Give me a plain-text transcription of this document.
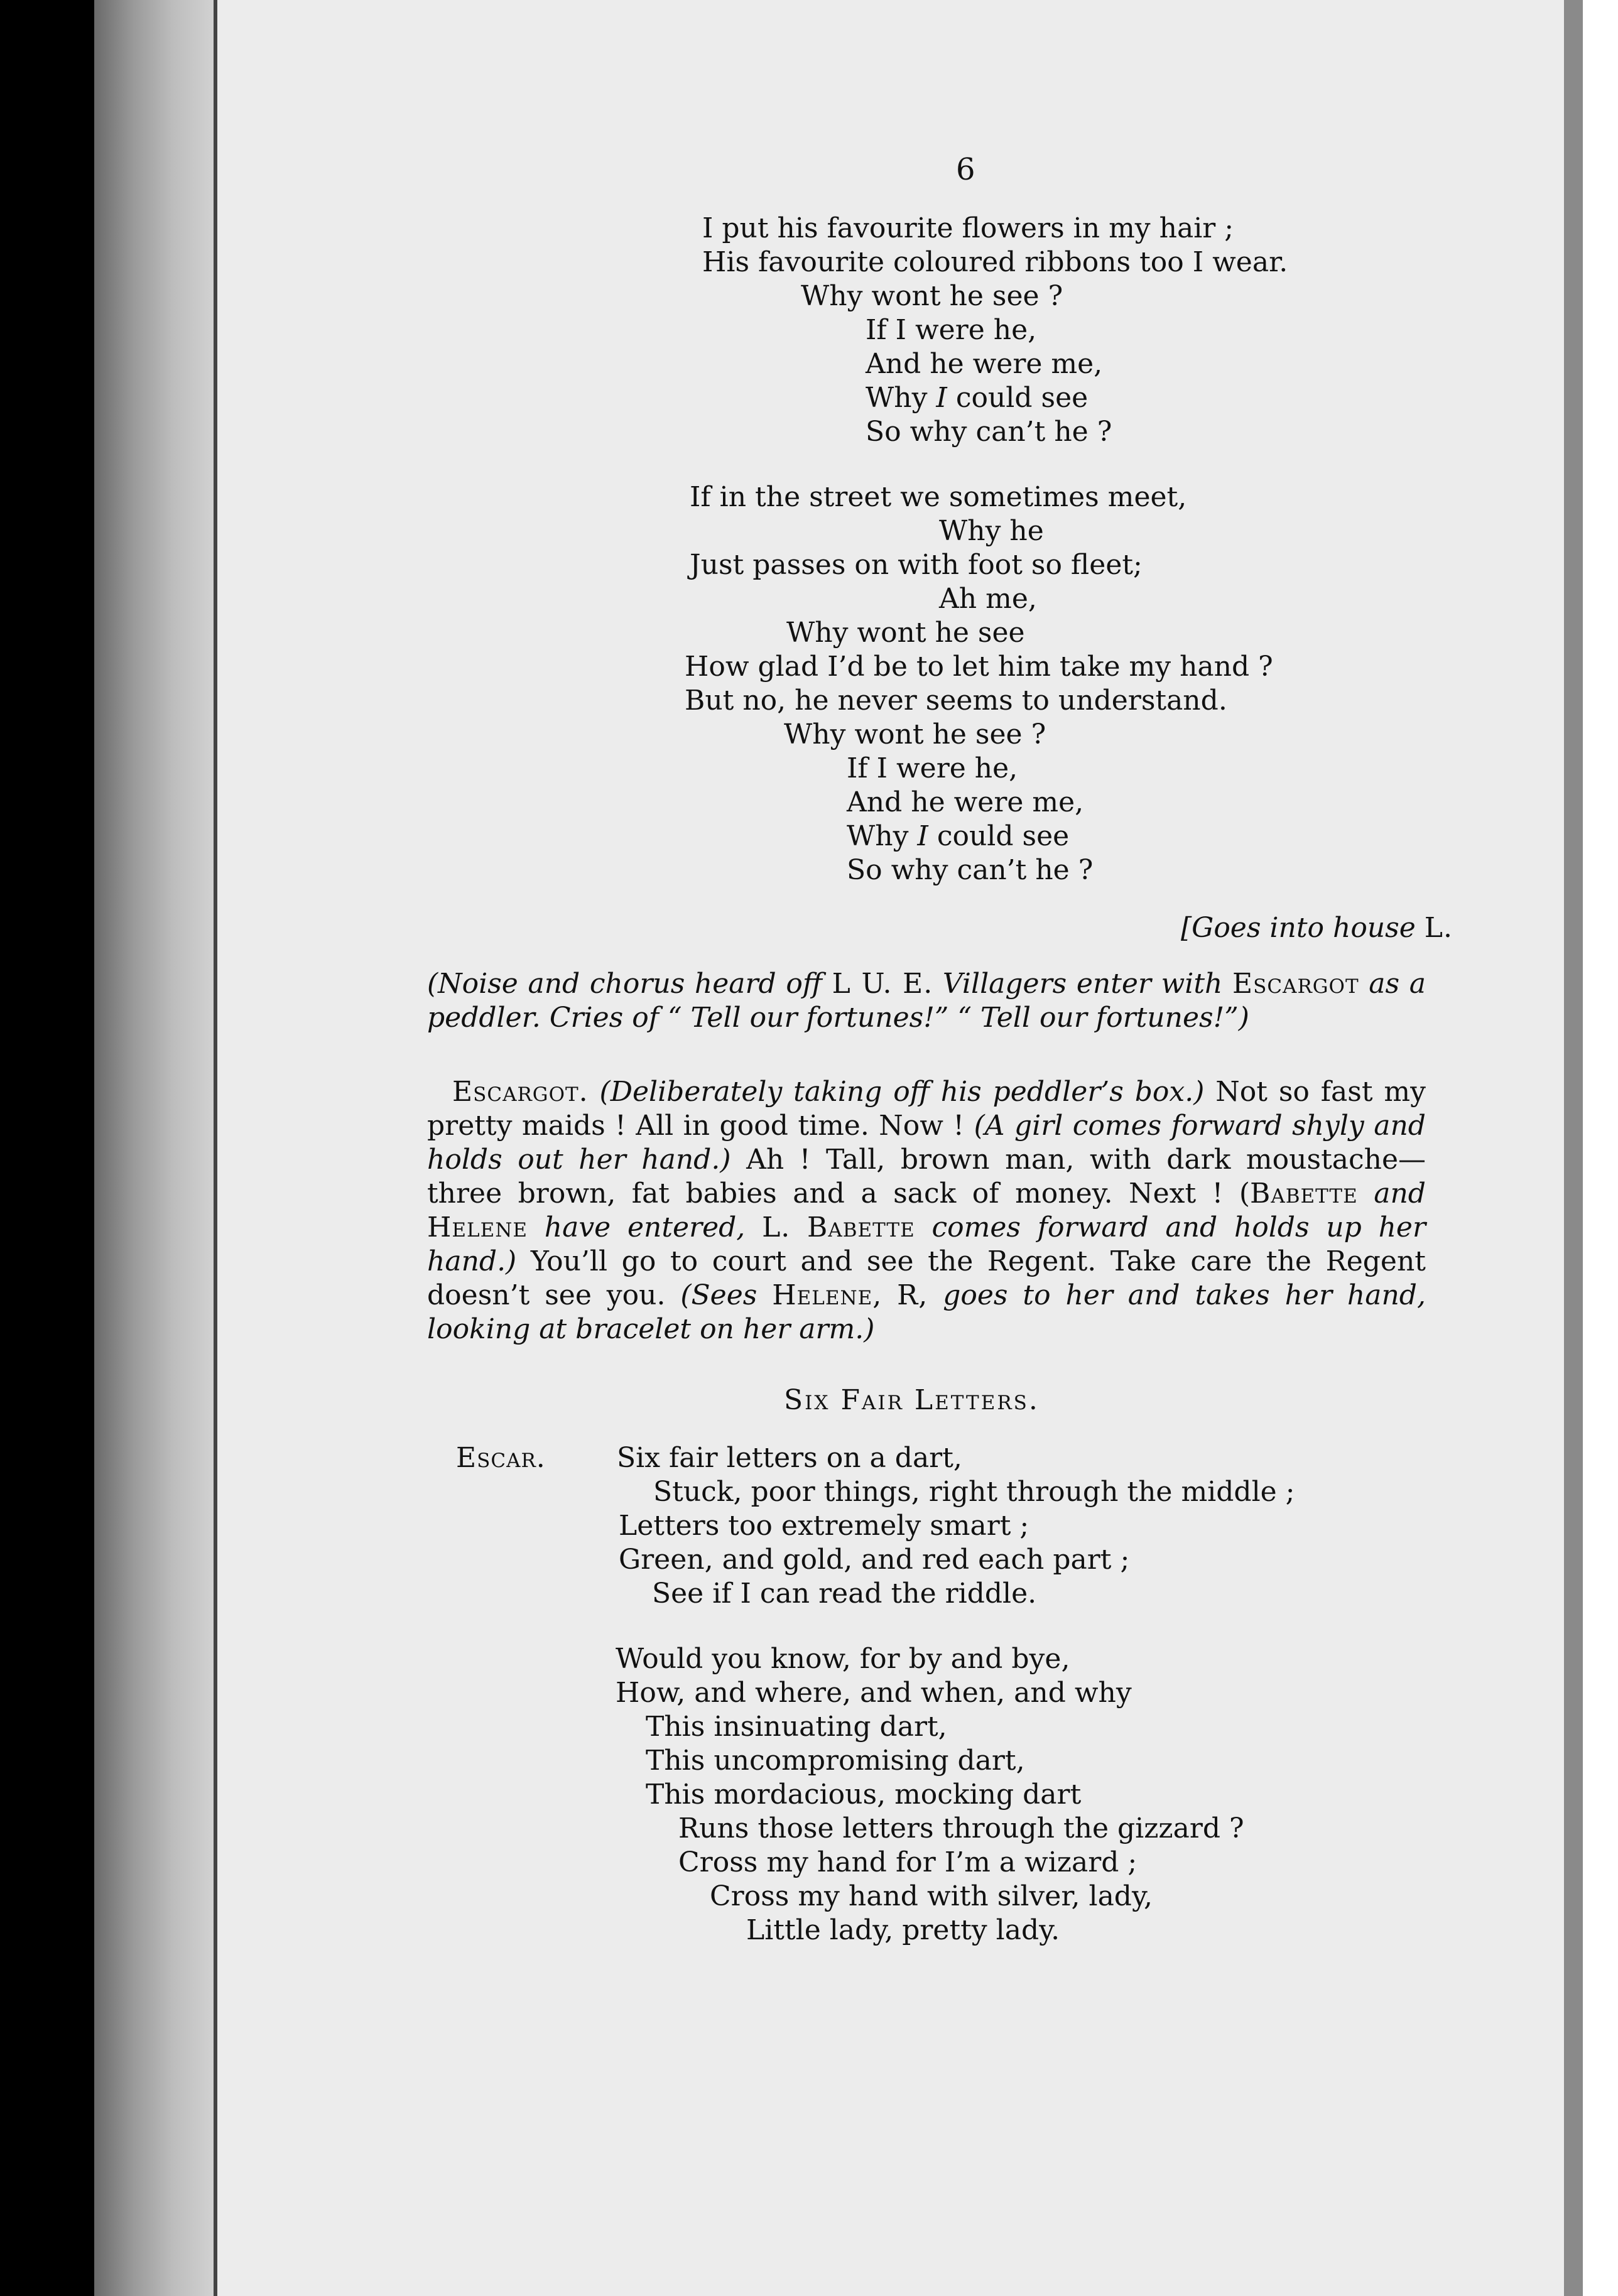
6
I put his favourite flowers in my hair ;
His favourite coloured ribbons too I wear.
Why wont he see ?
If I were he,
And he were me,
Why I could see
So why can’t he ?
If in the street we sometimes meet,
Why he
Just passes on with foot so fleet;
Ah me,
Why wont he see
How glad I’d be to let him take my hand ?
But no, he never seems to understand.
Why wont he see ?
If I were he,
And he were me,
Why I could see
So why can’t he ?
[Goes into house L.
(Noise and chorus heard off L U. E. Villagers enter with Escargot as a peddler. Cries of “ Tell our fortunes!” “ Tell our fortunes!”)
Escargot. (Deliberately taking off his peddler’s box.) Not so fast my pretty maids ! All in good time. Now ! (A girl comes forward shyly and holds out her hand.) Ah ! Tall, brown man, with dark moustache—three brown, fat babies and a sack of money. Next ! (Babette and Helene have entered, L. Babette comes forward and holds up her hand.) You’ll go to court and see the Regent. Take care the Regent doesn’t see you. (Sees Helene, R, goes to her and takes her hand, looking at bracelet on her arm.)
Six Fair Letters.
Escar.	Six fair letters on a dart,
Stuck, poor things, right through the middle ;
Letters too extremely smart ;
Green, and gold, and red each part ;
See if I can read the riddle.
Would you know, for by and bye,
How, and where, and when, and why
This insinuating dart,
This uncompromising dart,
This mordacious, mocking dart
Runs those letters through the gizzard ?
Cross my hand for I’m a wizard ;
Cross my hand with silver, lady,
Little lady, pretty lady.
